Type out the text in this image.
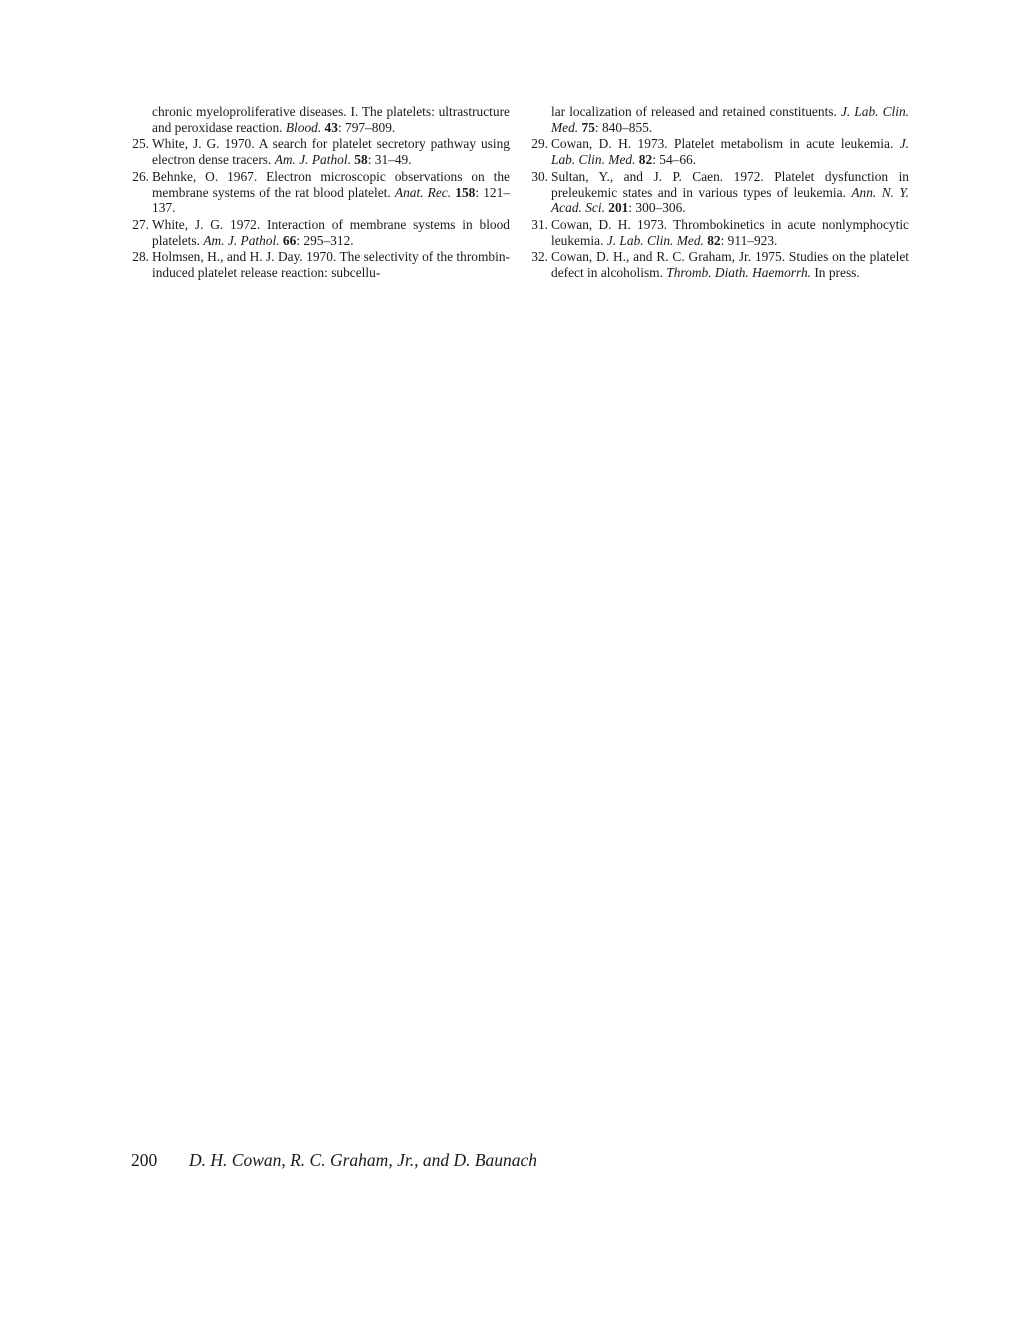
chronic myeloproliferative diseases. I. The platelets: ultrastructure and peroxidase reaction. Blood. 43: 797–809.
25. White, J. G. 1970. A search for platelet secretory pathway using electron dense tracers. Am. J. Pathol. 58: 31–49.
26. Behnke, O. 1967. Electron microscopic observations on the membrane systems of the rat blood platelet. Anat. Rec. 158: 121–137.
27. White, J. G. 1972. Interaction of membrane systems in blood platelets. Am. J. Pathol. 66: 295–312.
28. Holmsen, H., and H. J. Day. 1970. The selectivity of the thrombin-induced platelet release reaction: subcellu-
lar localization of released and retained constituents. J. Lab. Clin. Med. 75: 840–855.
29. Cowan, D. H. 1973. Platelet metabolism in acute leukemia. J. Lab. Clin. Med. 82: 54–66.
30. Sultan, Y., and J. P. Caen. 1972. Platelet dysfunction in preleukemic states and in various types of leukemia. Ann. N. Y. Acad. Sci. 201: 300–306.
31. Cowan, D. H. 1973. Thrombokinetics in acute nonlymphocytic leukemia. J. Lab. Clin. Med. 82: 911–923.
32. Cowan, D. H., and R. C. Graham, Jr. 1975. Studies on the platelet defect in alcoholism. Thromb. Diath. Haemorrh. In press.
200 D. H. Cowan, R. C. Graham, Jr., and D. Baunach
